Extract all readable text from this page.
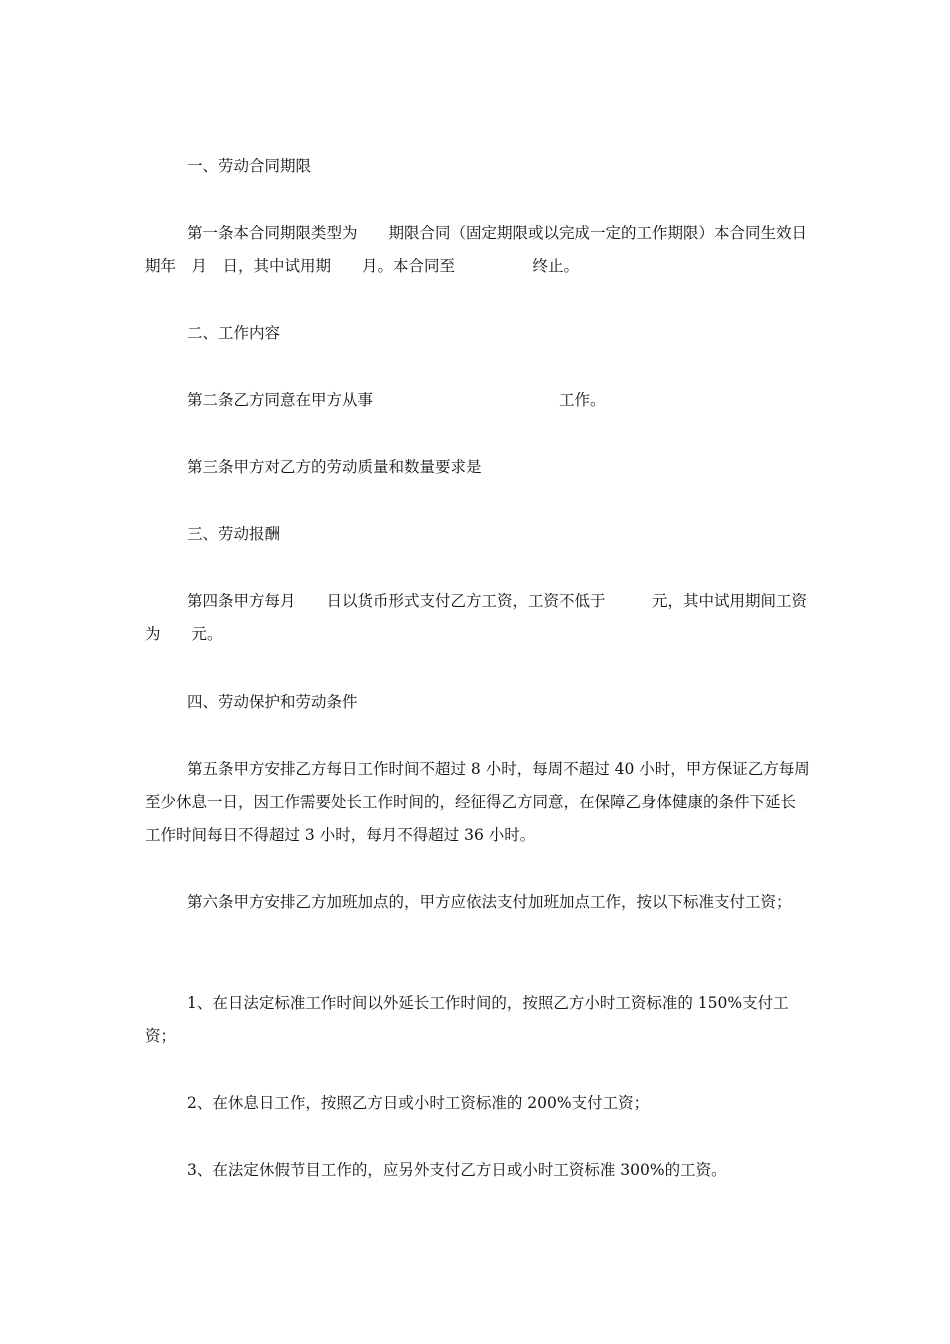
一、劳动合同期限
第一条本合同期限类型为　　期限合同（固定期限或以完成一定的工作期限）本合同生效日期年　月　日，其中试用期　　月。本合同至　　　　　终止。
二、工作内容
第二条乙方同意在甲方从事　　　　　　　　　　　　工作。
第三条甲方对乙方的劳动质量和数量要求是
三、劳动报酬
第四条甲方每月　　日以货币形式支付乙方工资，工资不低于　　　元，其中试用期间工资为　　元。
四、劳动保护和劳动条件
第五条甲方安排乙方每日工作时间不超过 8 小时，每周不超过 40 小时，甲方保证乙方每周至少休息一日，因工作需要处长工作时间的，经征得乙方同意，在保障乙身体健康的条件下延长工作时间每日不得超过 3 小时，每月不得超过 36 小时。
第六条甲方安排乙方加班加点的，甲方应依法支付加班加点工作，按以下标准支付工资；
1、在日法定标准工作时间以外延长工作时间的，按照乙方小时工资标准的 150%支付工资；
2、在休息日工作，按照乙方日或小时工资标准的 200%支付工资；
3、在法定休假节目工作的，应另外支付乙方日或小时工资标准 300%的工资。
